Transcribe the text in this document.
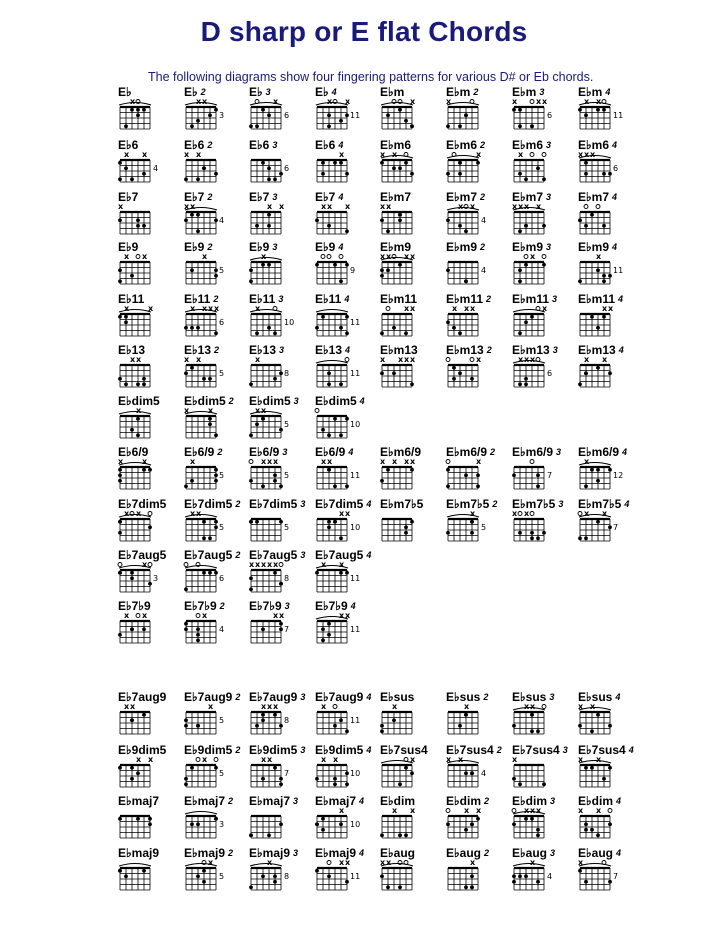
D sharp or E flat Chords
The following diagrams show four fingering patterns for various D# or Eb chords.
E♭
x
E♭ $^2$
x x
3
E♭ $^3$
x
6
E♭ $^4$
x x
11
E♭m
x
E♭m $^2$
x
E♭m $^3$
x x x
6
E♭m $^4$
x x
11
E♭6
x x
4
E♭6 $^2$
x x
E♭6 $^3$
6
E♭6 $^4$
x
E♭m6
x x
E♭m6 $^2$
x
E♭m6 $^3$
x
E♭m6 $^4$
x x x
6
E♭7
x
E♭7 $^2$
x x
4
E♭7 $^3$
x x
E♭7 $^4$
x x x
E♭m7
x x
E♭m7 $^2$
x x
4
E♭m7 $^3$
x x x x
E♭m7 $^4$
E♭9
x x
E♭9 $^2$
x
5
E♭9 $^3$
x
E♭9 $^4$
9
E♭m9
x x x x
E♭m9 $^2$
4
E♭m9 $^3$
x
E♭m9 $^4$
x
11
E♭11
x x
E♭11 $^2$
x x x x
6
E♭11 $^3$
x
10
E♭11 $^4$
11
E♭m11
x x
E♭m11 $^2$
x x x
E♭m11 $^3$
x
E♭m11 $^4$
x x
E♭13
x x
E♭13 $^2$
x x
5
E♭13 $^3$
x
8
E♭13 $^4$
11
E♭m13
x x x x
E♭m13 $^2$
x
E♭m13 $^3$
x x x
6
E♭m13 $^4$
x x
E♭dim5
x
E♭dim5 $^2$
x x
E♭dim5 $^3$
x x
5
E♭dim5 $^4$
10
E♭6/9
x x
E♭6/9 $^2$
x
5
E♭6/9 $^3$
x x x
5
E♭6/9 $^4$
x x
11
E♭m6/9
x x x x
E♭m6/9 $^2$
x
E♭m6/9 $^3$
7
E♭m6/9 $^4$
x
12
E♭7dim5
x x
E♭7dim5 $^2$
x x
5
E♭7dim5 $^3$
5
E♭7dim5 $^4$
x x
10
E♭m7♭5 E♭m7♭5 $^2$
x
5
E♭m7♭5 $^3$
x x
E♭m7♭5 $^4$
x x
7
E♭7aug5
x
3
E♭7aug5 $^2$
6
E♭7aug5 $^3$
x x x x x
8
E♭7aug5 $^4$
x x
11
E♭7♭9
x x
E♭7♭9 $^2$
x
4
E♭7♭9 $^3$
x x
7
E♭7♭9 $^4$
x x
11
E♭7aug9
x x
E♭7aug9 $^2$
x
5
E♭7aug9 $^3$
x x x
8
E♭7aug9 $^4$
x
11
E♭sus
x
E♭sus $^2$
x
E♭sus $^3$
x x
E♭sus $^4$
x x
E♭9dim5
x x
E♭9dim5 $^2$
x
5
E♭9dim5 $^3$
x x
7
E♭9dim5 $^4$
x x
10
E♭7sus4
x
E♭7sus4 $^2$
x x
4
E♭7sus4 $^3$
x
E♭7sus4 $^4$
x x
E♭maj7 E♭maj7 $^2$
3
E♭maj7 $^3$ E♭maj7 $^4$
x
10
E♭dim
x x
E♭dim $^2$
x x
E♭dim $^3$
x x x
E♭dim $^4$
x x
E♭maj9 E♭maj9 $^2$
x
5
E♭maj9 $^3$
x
8
E♭maj9 $^4$
x x
11
E♭aug
x x
E♭aug $^2$
x
E♭aug $^3$
x
4
E♭aug $^4$
x
7
